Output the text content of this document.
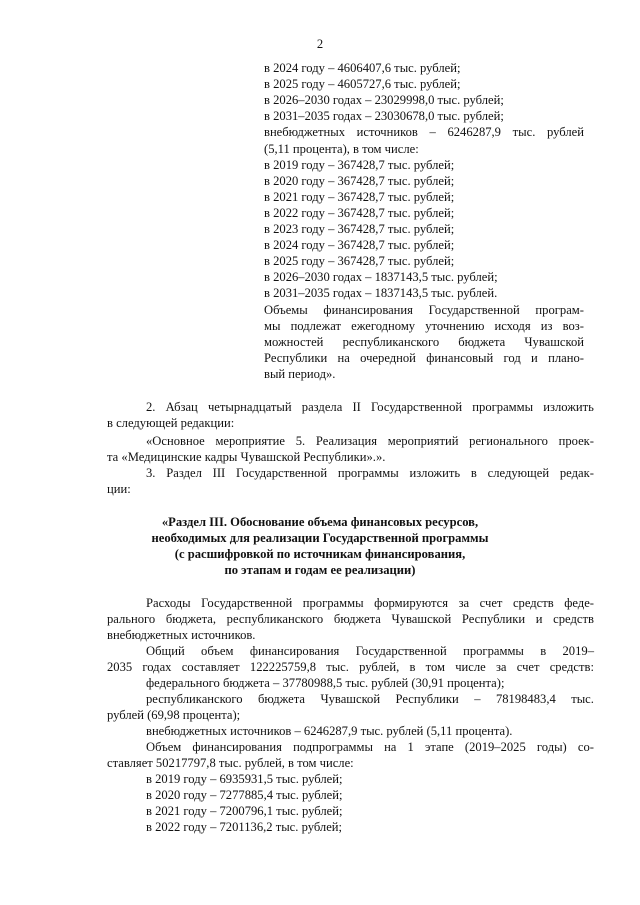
2
в 2024 году – 4606407,6 тыс. рублей;
в 2025 году – 4605727,6 тыс. рублей;
в 2026–2030 годах – 23029998,0 тыс. рублей;
в 2031–2035 годах – 23030678,0 тыс. рублей;
внебюджетных источников – 6246287,9 тыс. рублей
(5,11 процента), в том числе:
в 2019 году – 367428,7 тыс. рублей;
в 2020 году – 367428,7 тыс. рублей;
в 2021 году – 367428,7 тыс. рублей;
в 2022 году – 367428,7 тыс. рублей;
в 2023 году – 367428,7 тыс. рублей;
в 2024 году – 367428,7 тыс. рублей;
в 2025 году – 367428,7 тыс. рублей;
в 2026–2030 годах – 1837143,5 тыс. рублей;
в 2031–2035 годах – 1837143,5 тыс. рублей.
Объемы финансирования Государственной програм-
мы подлежат ежегодному уточнению исходя из воз-
можностей республиканского бюджета Чувашской
Республики на очередной финансовый год и плано-
вый период».
2. Абзац четырнадцатый раздела II Государственной программы изложить
в следующей редакции:
«Основное мероприятие 5. Реализация мероприятий регионального проек-
та «Медицинские кадры Чувашской Республики».».
3. Раздел III Государственной программы изложить в следующей редак-
ции:
«Раздел III. Обоснование объема финансовых ресурсов,
необходимых для реализации Государственной программы
(с расшифровкой по источникам финансирования,
по этапам и годам ее реализации)
Расходы Государственной программы формируются за счет средств феде-
рального бюджета, республиканского бюджета Чувашской Республики и средств
внебюджетных источников.
Общий объем финансирования Государственной программы в 2019–
2035 годах составляет 122225759,8 тыс. рублей, в том числе за счет средств:
федерального бюджета – 37780988,5 тыс. рублей (30,91 процента);
республиканского бюджета Чувашской Республики – 78198483,4 тыс.
рублей (69,98 процента);
внебюджетных источников – 6246287,9 тыс. рублей (5,11 процента).
Объем финансирования подпрограммы на 1 этапе (2019–2025 годы) со-
ставляет 50217797,8 тыс. рублей, в том числе:
в 2019 году – 6935931,5 тыс. рублей;
в 2020 году – 7277885,4 тыс. рублей;
в 2021 году – 7200796,1 тыс. рублей;
в 2022 году – 7201136,2 тыс. рублей;
